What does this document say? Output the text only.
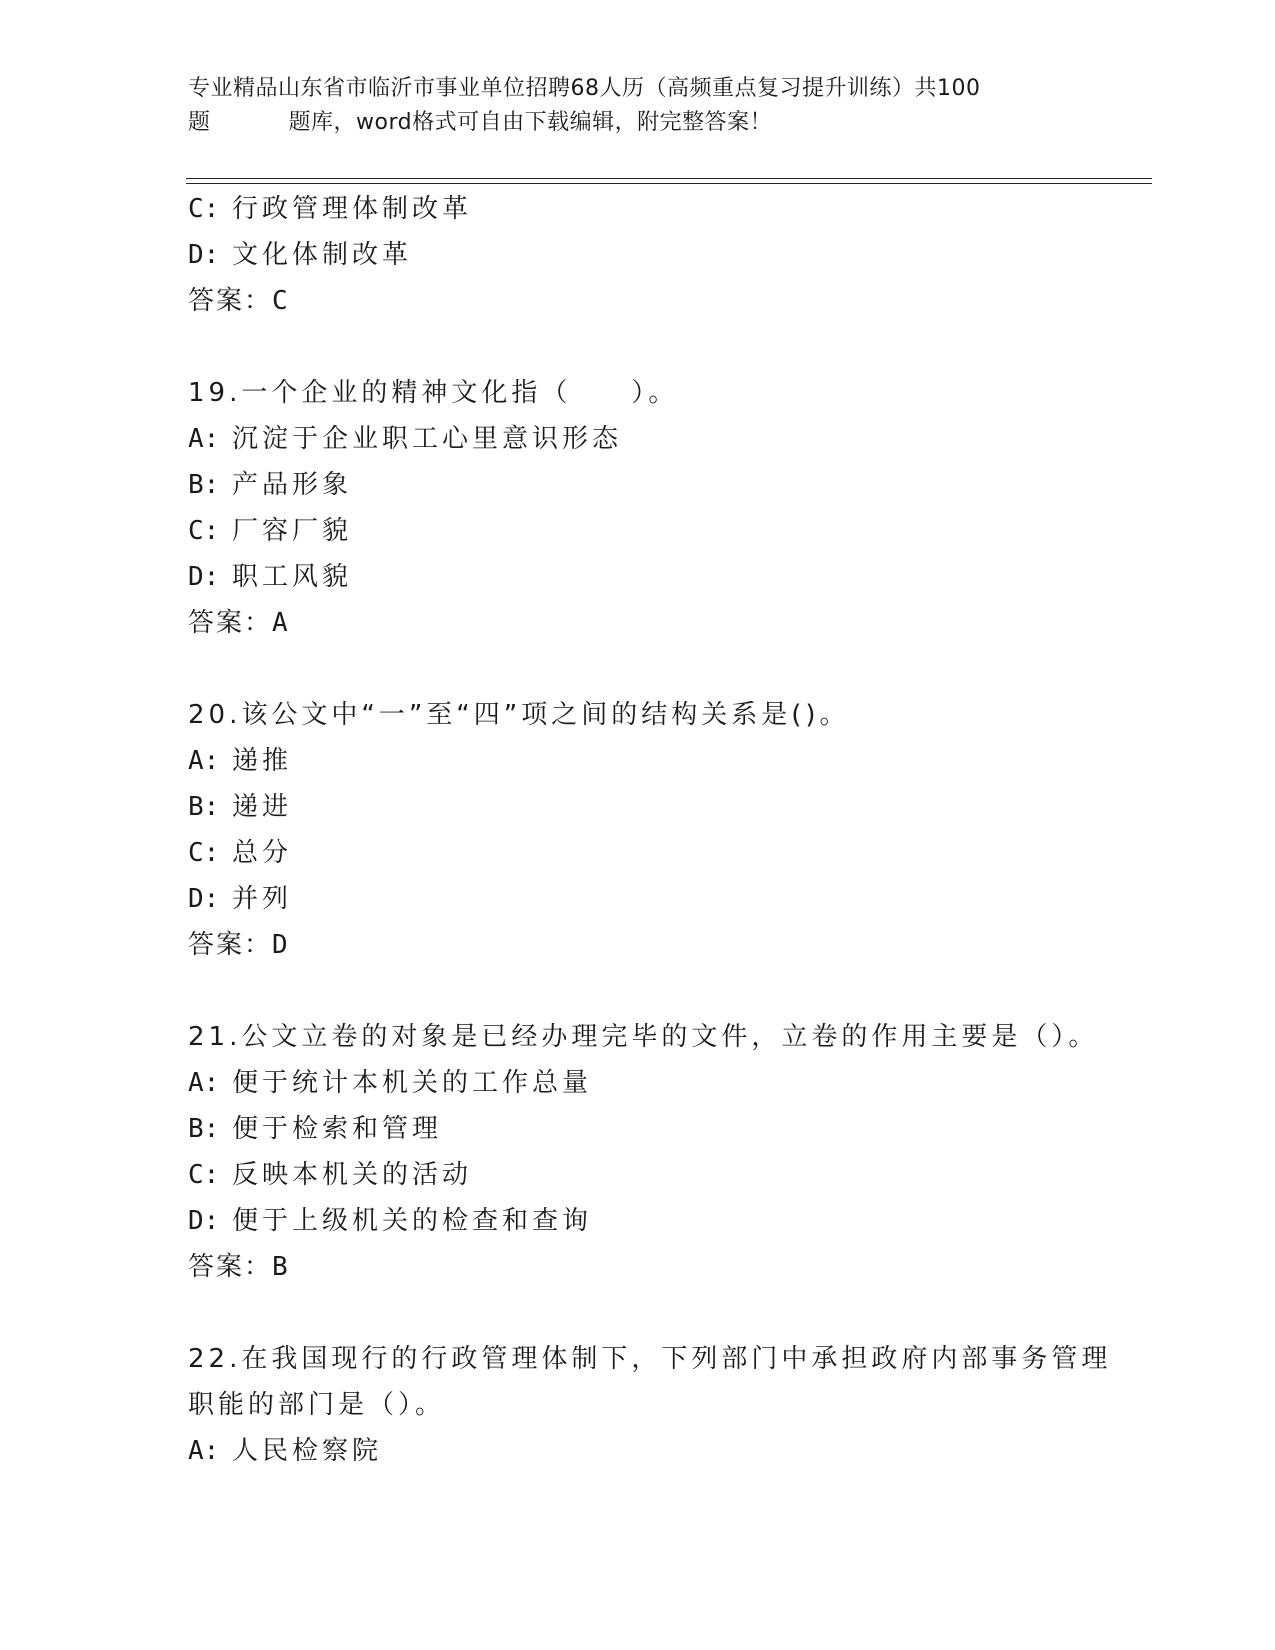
专业精品山东省市临沂市事业单位招聘68人历（高频重点复习提升训练）共100
题	题库，word格式可自由下载编辑，附完整答案！
C: 行政管理体制改革
D: 文化体制改革
答案：C
19.一个企业的精神文化指（　　）。
A: 沉淀于企业职工心里意识形态
B: 产品形象
C: 厂容厂貌
D: 职工风貌
答案：A
20.该公文中“一”至“四”项之间的结构关系是()。
A: 递推
B: 递进
C: 总分
D: 并列
答案：D
21.公文立卷的对象是已经办理完毕的文件，立卷的作用主要是（）。
A: 便于统计本机关的工作总量
B: 便于检索和管理
C: 反映本机关的活动
D: 便于上级机关的检查和查询
答案：B
22.在我国现行的行政管理体制下，下列部门中承担政府内部事务管理
职能的部门是（）。
A: 人民检察院
